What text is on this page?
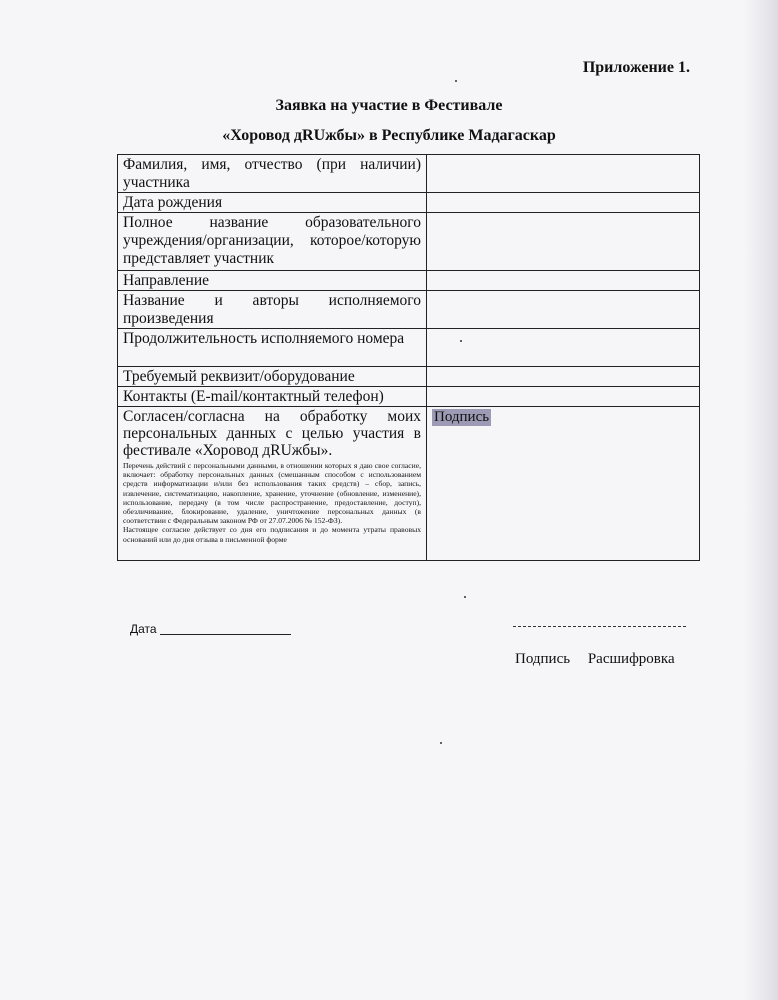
Приложение 1.
Заявка на участие в Фестивале
«Хоровод дRUжбы» в Республике Мадагаскар
Фамилия, имя, отчество (при наличии) участника	
Дата рождения	
Полное название образовательного учреждения/организации, которое/которую представляет участник	
Направление	
Название и авторы исполняемого произведения	
Продолжительность исполняемого номера	
Требуемый реквизит/оборудование	
Контакты (E-mail/контактный телефон)	

Согласен/согласна на обработку моих персональных данных с целью участия в фестивале «Хоровод дRUжбы».
Перечень действий с персональными данными, в отношении которых я даю свое согласие, включает: обработку персональных данных (смешанным способом с использованием средств информатизации и/или без использования таких средств) – сбор, запись, извлечение, систематизацию, накопление, хранение, уточнение (обновление, изменение), использование, передачу (в том числе распространение, предоставление, доступ), обезличивание, блокирование, удаление, уничтожение персональных данных (в соответствии с Федеральным законом РФ от 27.07.2006 № 152-ФЗ).
Настоящее согласие действует со дня его подписания и до момента утраты правовых оснований или до дня отзыва в письменной форме	Подпись
Дата
Подпись Расшифровка
